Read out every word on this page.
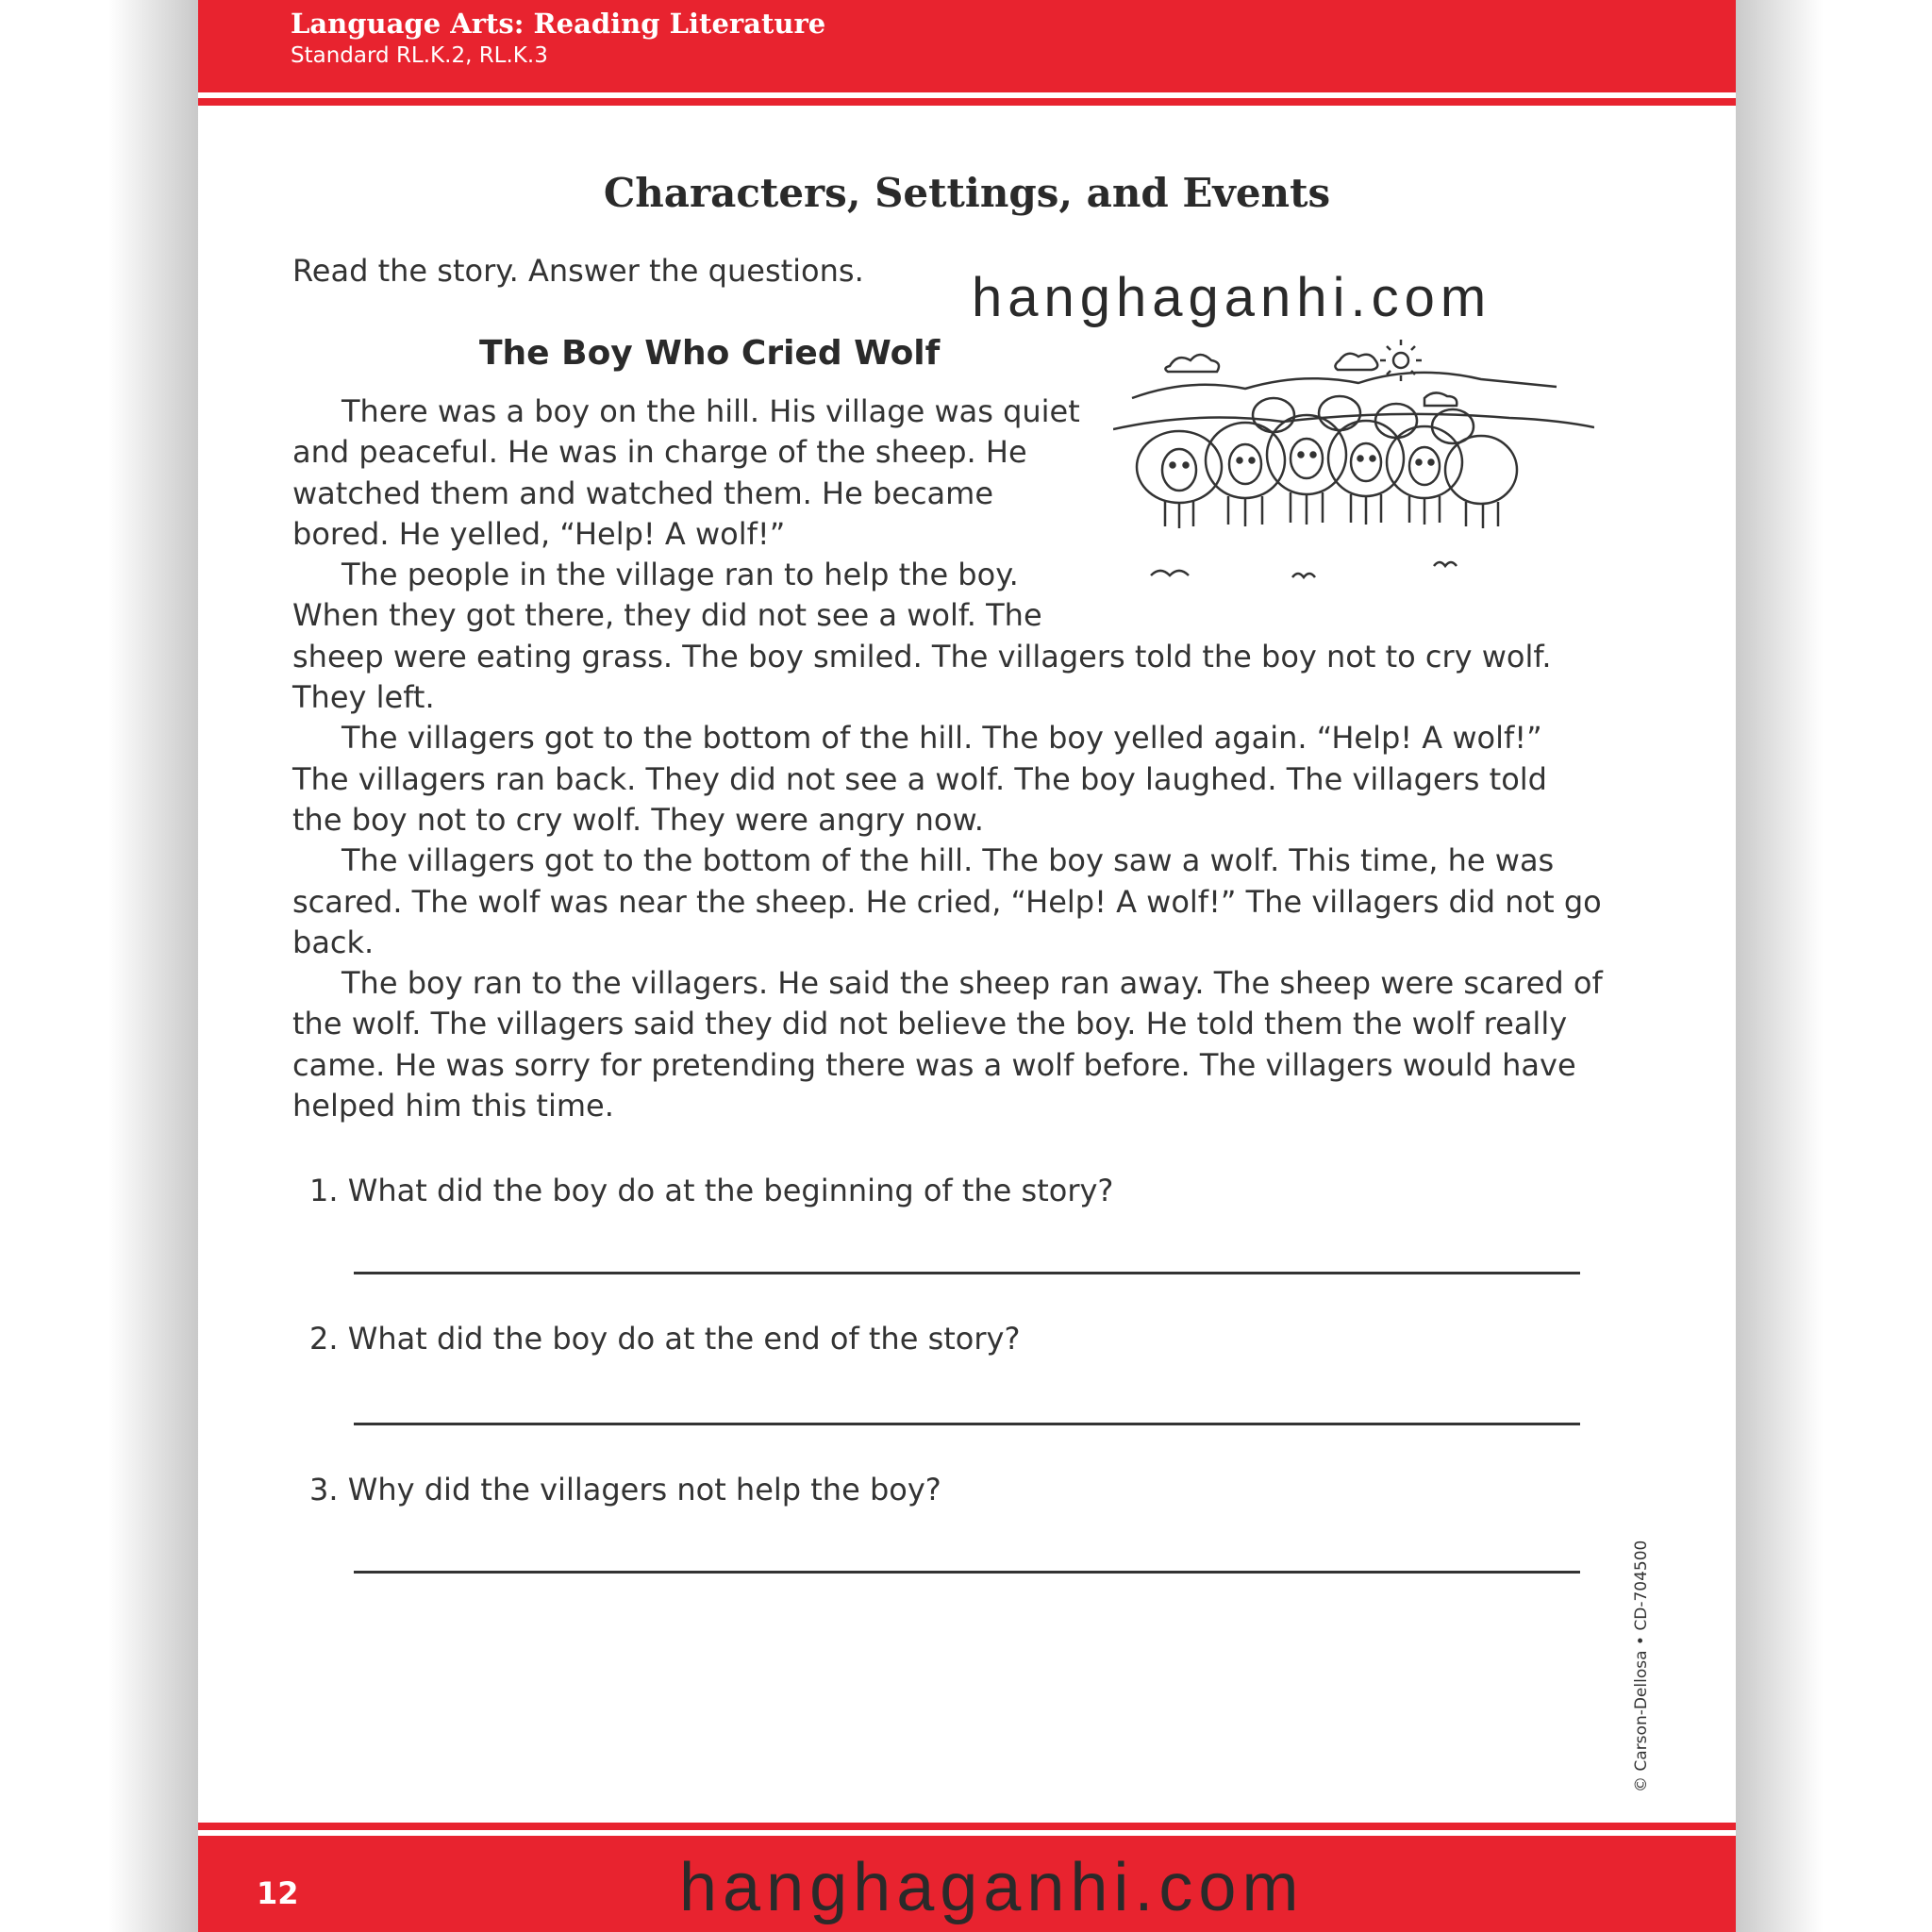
Language Arts: Reading Literature
Standard RL.K.2, RL.K.3
Characters, Settings, and Events
Read the story. Answer the questions.
The Boy Who Cried Wolf

There was a boy on the hill. His village was quiet and peaceful. He was in charge of the sheep. He watched them and watched them. He became bored. He yelled, “Help! A wolf!”

The people in the village ran to help the boy. When they got there, they did not see a wolf. The sheep were eating grass. The boy smiled. The villagers told the boy not to cry wolf. They left.

The villagers got to the bottom of the hill. The boy yelled again. “Help! A wolf!” The villagers ran back. They did not see a wolf. The boy laughed. The villagers told the boy not to cry wolf. They were angry now.

The villagers got to the bottom of the hill. The boy saw a wolf. This time, he was scared. The wolf was near the sheep. He cried, “Help! A wolf!” The villagers did not go back.

The boy ran to the villagers. He said the sheep ran away. The sheep were scared of the wolf. The villagers said they did not believe the boy. He told them the wolf really came. He was sorry for pretending there was a wolf before. The villagers would have helped him this time.

1. What did the boy do at the beginning of the story?
2. What did the boy do at the end of the story?
3. Why did the villagers not help the boy?
© Carson-Dellosa • CD-704500
12
hanghaganhi.com
hanghaganhi.com
